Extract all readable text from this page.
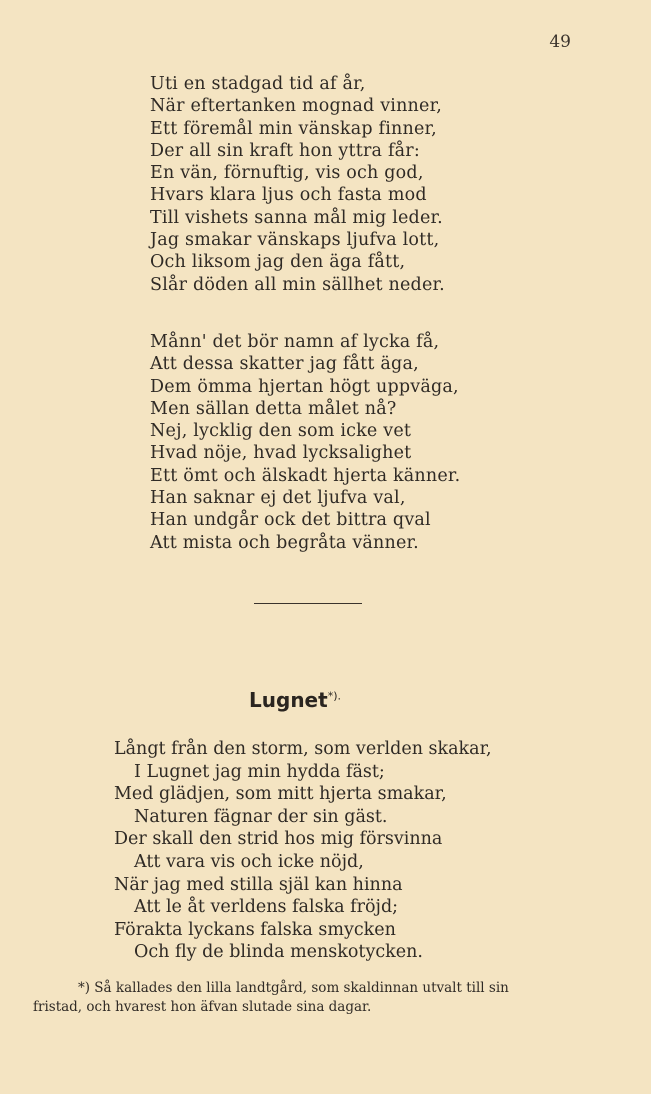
49
Uti en stadgad tid af år,
När eftertanken mognad vinner,
Ett föremål min vänskap finner,
Der all sin kraft hon yttra får:
En vän, förnuftig, vis och god,
Hvars klara ljus och fasta mod
Till vishets sanna mål mig leder.
Jag smakar vänskaps ljufva lott,
Och liksom jag den äga fått,
Slår döden all min sällhet neder.
Månn' det bör namn af lycka få,
Att dessa skatter jag fått äga,
Dem ömma hjertan högt uppväga,
Men sällan detta målet nå?
Nej, lycklig den som icke vet
Hvad nöje, hvad lycksalighet
Ett ömt och älskadt hjerta känner.
Han saknar ej det ljufva val,
Han undgår ock det bittra qval
Att mista och begråta vänner.
Lugnet*).
Långt från den storm, som verlden skakar,
I Lugnet jag min hydda fäst;
Med glädjen, som mitt hjerta smakar,
Naturen fägnar der sin gäst.
Der skall den strid hos mig försvinna
Att vara vis och icke nöjd,
När jag med stilla själ kan hinna
Att le åt verldens falska fröjd;
Förakta lyckans falska smycken
Och fly de blinda menskotycken.
*) Så kallades den lilla landtgård, som skaldinnan utvalt till sin
fristad, och hvarest hon äfvan slutade sina dagar.
